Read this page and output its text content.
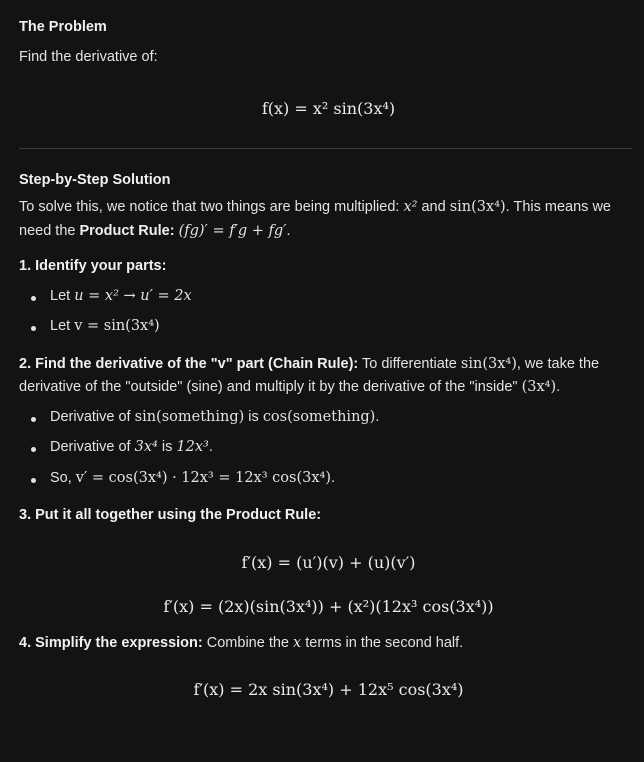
The Problem

Find the derivative of:

f(x) = x² sin(3x⁴)
Step-by-Step Solution

To solve this, we notice that two things are being multiplied: x² and sin(3x⁴). This means we need the Product Rule: (fg)′ = f′g + fg′.

1. Identify your parts:
Let u = x² → u′ = 2x
Let v = sin(3x⁴)

2. Find the derivative of the "v" part (Chain Rule): To differentiate sin(3x⁴), we take the derivative of the "outside" (sine) and multiply it by the derivative of the "inside" (3x⁴).

Derivative of sin(something) is cos(something).
Derivative of 3x⁴ is 12x³.
So, v′ = cos(3x⁴) · 12x³ = 12x³ cos(3x⁴).
3. Put it all together using the Product Rule:
f′(x) = (u′)(v) + (u)(v′)
f′(x) = (2x)(sin(3x⁴)) + (x²)(12x³ cos(3x⁴))

4. Simplify the expression: Combine the x terms in the second half.

f′(x) = 2x sin(3x⁴) + 12x⁵ cos(3x⁴)
